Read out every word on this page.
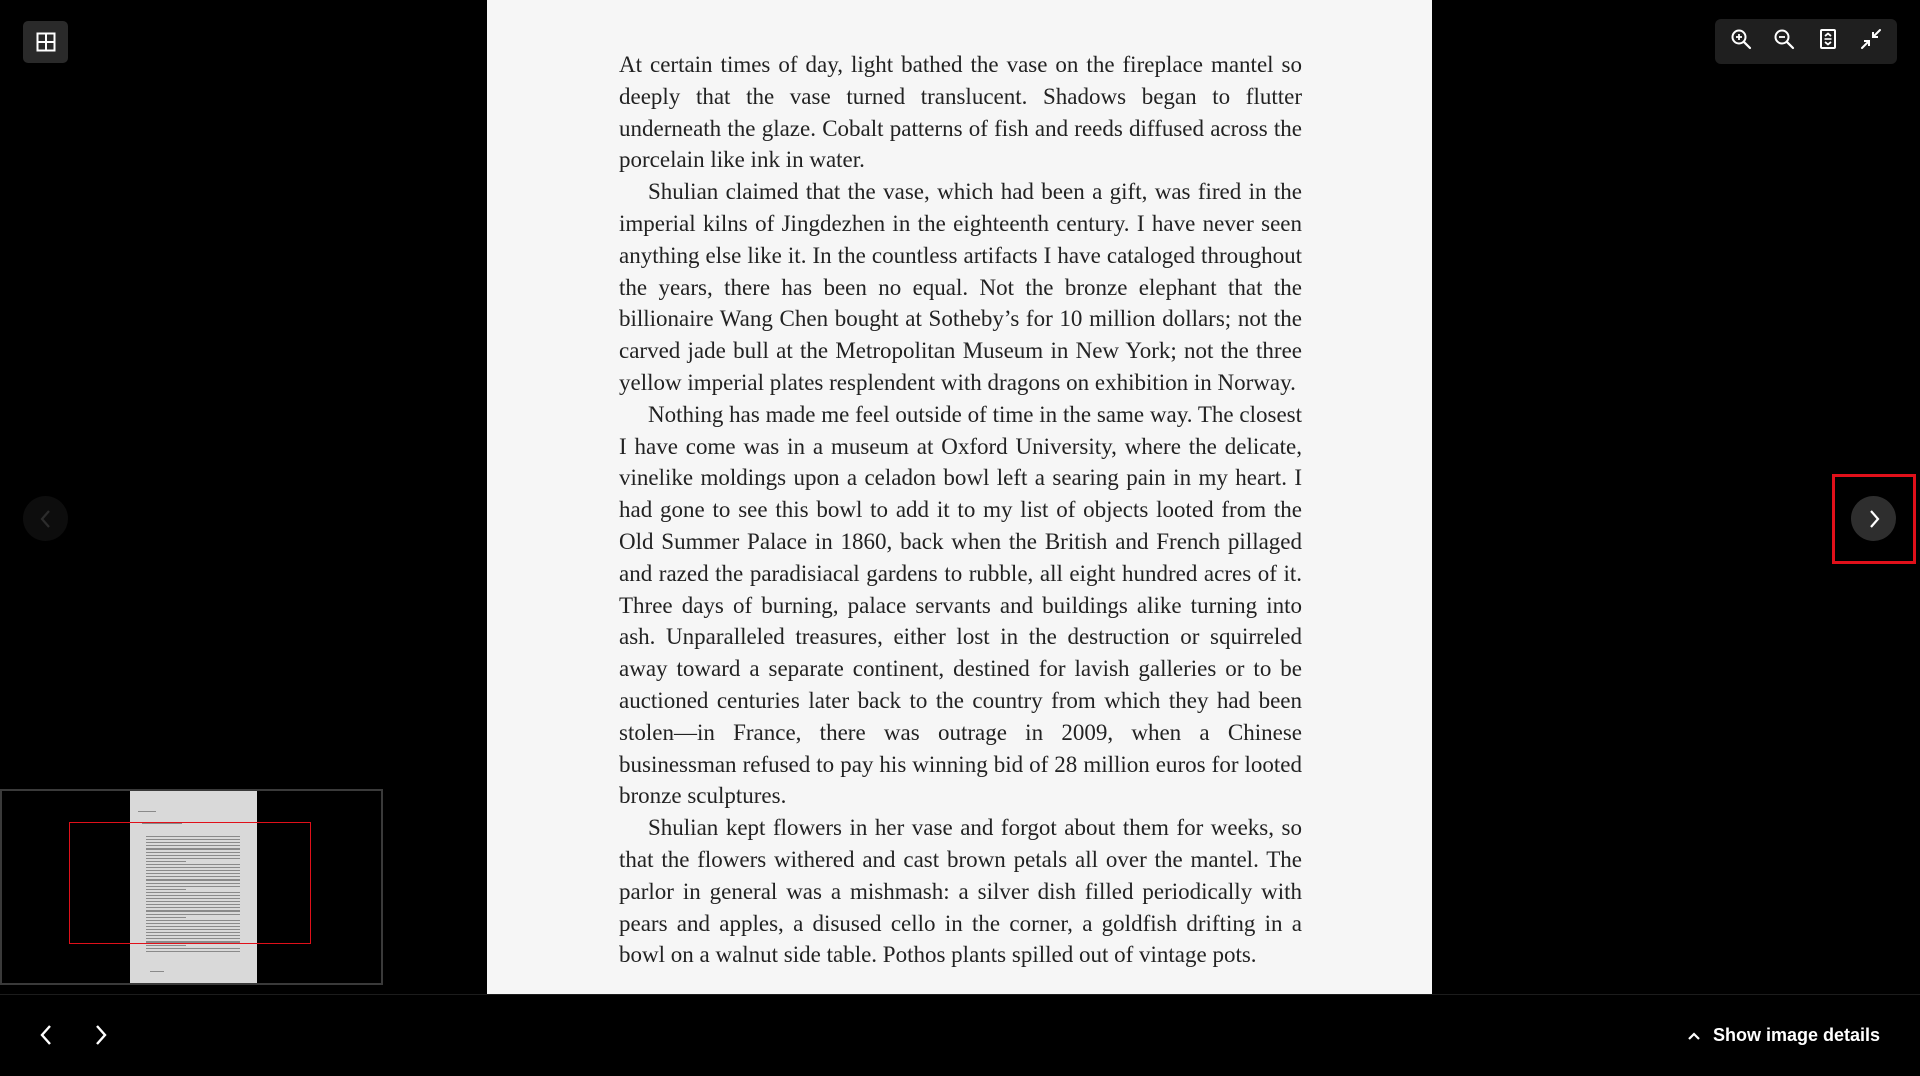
At certain times of day, light bathed the vase on the fireplace mantel so deeply that the vase turned translucent. Shadows began to flutter underneath the glaze. Cobalt patterns of fish and reeds diffused across the porcelain like ink in water.

Shulian claimed that the vase, which had been a gift, was fired in the imperial kilns of Jingdezhen in the eighteenth century. I have never seen anything else like it. In the countless artifacts I have cataloged throughout the years, there has been no equal. Not the bronze elephant that the billionaire Wang Chen bought at Sotheby’s for 10 million dollars; not the carved jade bull at the Metropolitan Museum in New York; not the three yellow imperial plates resplendent with dragons on exhibition in Norway.

Nothing has made me feel outside of time in the same way. The closest I have come was in a museum at Oxford University, where the delicate, vinelike moldings upon a celadon bowl left a searing pain in my heart. I had gone to see this bowl to add it to my list of objects looted from the Old Summer Palace in 1860, back when the British and French pillaged and razed the paradisiacal gardens to rubble, all eight hundred acres of it. Three days of burning, palace servants and buildings alike turning into ash. Unparalleled treasures, either lost in the destruction or squirreled away toward a separate continent, destined for lavish galleries or to be auctioned centuries later back to the country from which they had been stolen—in France, there was outrage in 2009, when a Chinese businessman refused to pay his winning bid of 28 million euros for looted bronze sculptures.

Shulian kept flowers in her vase and forgot about them for weeks, so that the flowers withered and cast brown petals all over the mantel. The parlor in general was a mishmash: a silver dish filled periodically with pears and apples, a disused cello in the corner, a goldfish drifting in a bowl on a walnut side table. Pothos plants spilled out of vintage pots.

Show image details
